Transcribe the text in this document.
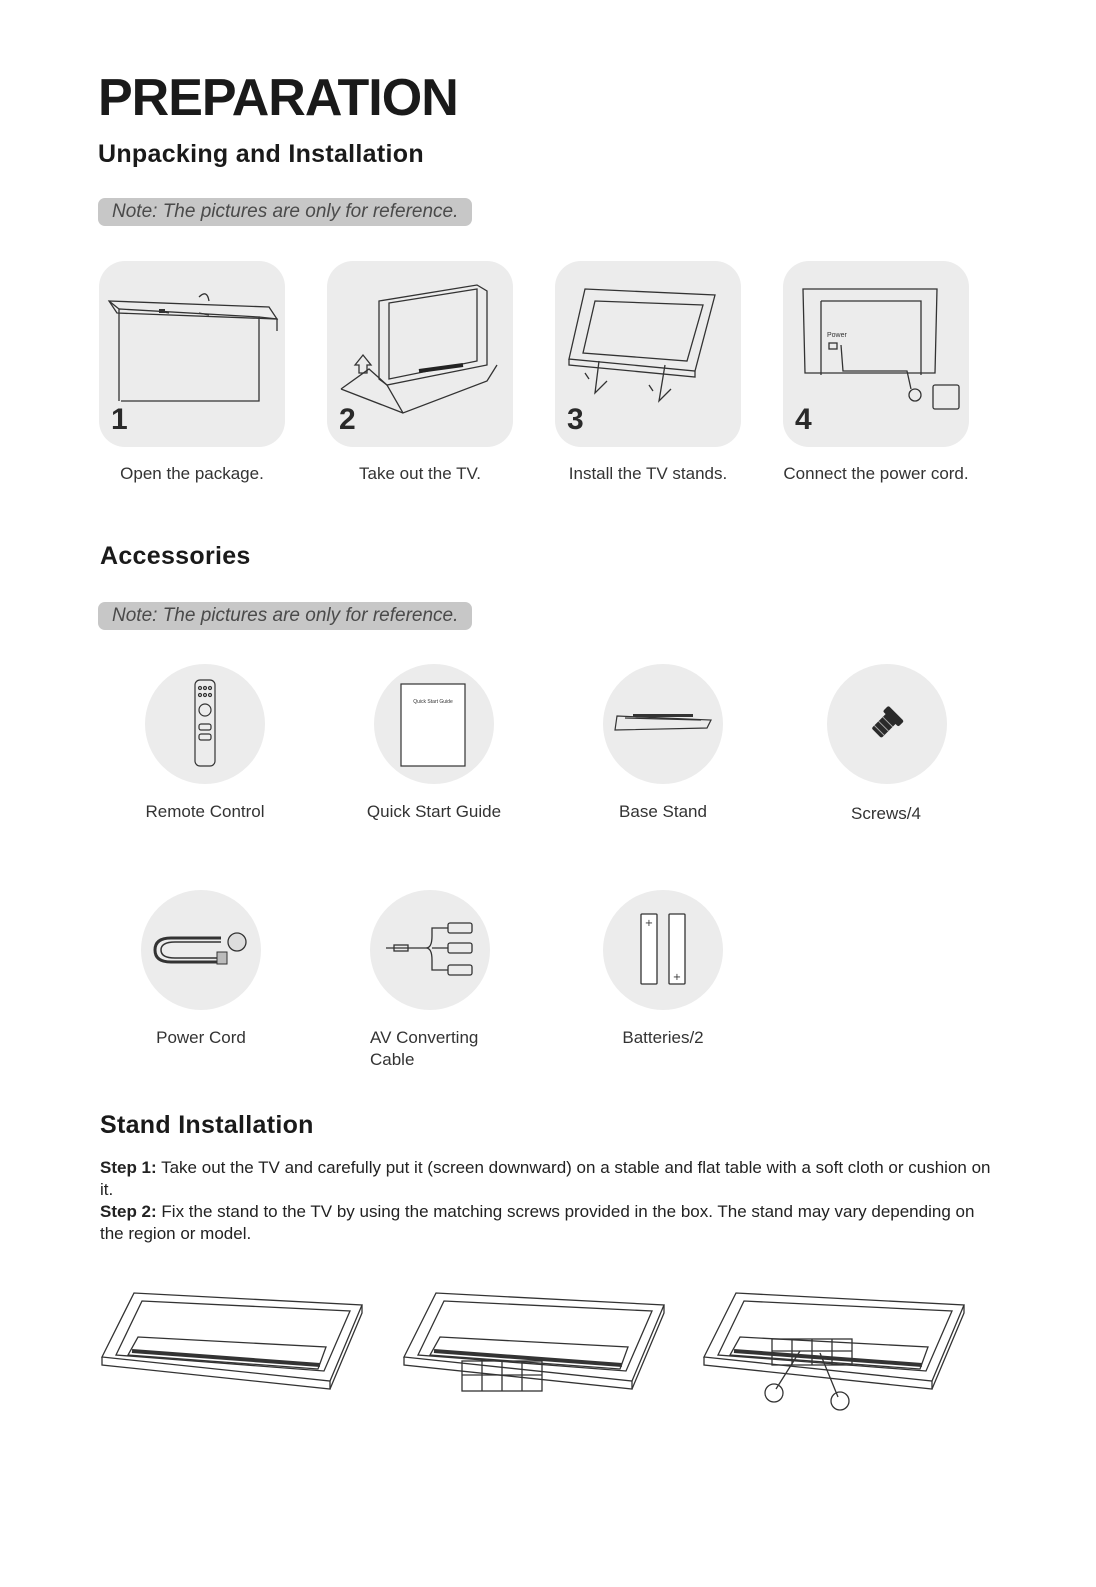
PREPARATION
Unpacking and Installation
Note: The pictures are only for reference.
1	2	3
Power
4
Open the package.	Take out the TV.	Install the TV stands.	Connect the power cord.
Accessories
Note: The pictures are only for reference.
Quick Start Guide
Remote Control	Quick Start Guide	Base Stand	Screws/4
+
+
Power Cord	AV Converting Cable
Batteries/2
Stand Installation
Step 1: Take out the TV and carefully put it (screen downward) on a stable and flat table with a soft cloth or cushion on it.
Step 2: Fix the stand to the TV by using the matching screws provided in the box. The stand may vary depending on the region or model.
